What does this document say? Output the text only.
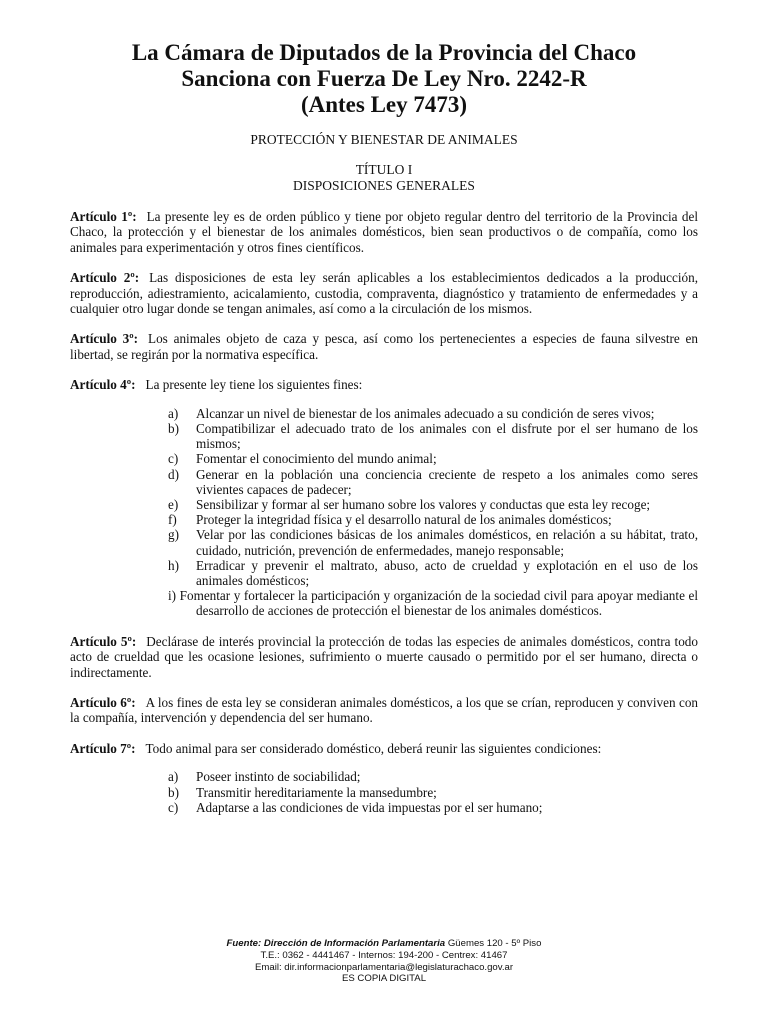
La Cámara de Diputados de la Provincia del Chaco
Sanciona con Fuerza De Ley Nro. 2242-R
(Antes Ley 7473)
PROTECCIÓN Y BIENESTAR DE ANIMALES
TÍTULO I
DISPOSICIONES GENERALES

Artículo 1º: La presente ley es de orden público y tiene por objeto regular dentro del territorio de la Provincia del Chaco, la protección y el bienestar de los animales domésticos, bien sean productivos o de compañía, como los animales para experimentación y otros fines científicos.

Artículo 2º: Las disposiciones de esta ley serán aplicables a los establecimientos dedicados a la producción, reproducción, adiestramiento, acicalamiento, custodia, compraventa, diagnóstico y tratamiento de enfermedades y a cualquier otro lugar donde se tengan animales, así como a la circulación de los mismos.

Artículo 3º: Los animales objeto de caza y pesca, así como los pertenecientes a especies de fauna silvestre en libertad, se regirán por la normativa específica.

Artículo 4º: La presente ley tiene los siguientes fines:

a) Alcanzar un nivel de bienestar de los animales adecuado a su condición de seres vivos;
b) Compatibilizar el adecuado trato de los animales con el disfrute por el ser humano de los mismos;
c) Fomentar el conocimiento del mundo animal;
d) Generar en la población una conciencia creciente de respeto a los animales como seres vivientes capaces de padecer;
e) Sensibilizar y formar al ser humano sobre los valores y conductas que esta ley recoge;
f) Proteger la integridad física y el desarrollo natural de los animales domésticos;
g) Velar por las condiciones básicas de los animales domésticos, en relación a su hábitat, trato, cuidado, nutrición, prevención de enfermedades, manejo responsable;
h) Erradicar y prevenir el maltrato, abuso, acto de crueldad y explotación en el uso de los animales domésticos;
i) Fomentar y fortalecer la participación y organización de la sociedad civil para apoyar mediante el desarrollo de acciones de protección el bienestar de los animales domésticos.

Artículo 5º: Declárase de interés provincial la protección de todas las especies de animales domésticos, contra todo acto de crueldad que les ocasione lesiones, sufrimiento o muerte causado o permitido por el ser humano, directa o indirectamente.

Artículo 6º: A los fines de esta ley se consideran animales domésticos, a los que se crían, reproducen y conviven con la compañía, intervención y dependencia del ser humano.

Artículo 7º: Todo animal para ser considerado doméstico, deberá reunir las siguientes condiciones:

a) Poseer instinto de sociabilidad;
b) Transmitir hereditariamente la mansedumbre;
c) Adaptarse a las condiciones de vida impuestas por el ser humano;
Fuente: Dirección de Información Parlamentaria Güemes 120 - 5º Piso
T.E.: 0362 - 4441467 - Internos: 194-200 - Centrex: 41467
Email: dir.informacionparlamentaria@legislaturachaco.gov.ar
ES COPIA DIGITAL
